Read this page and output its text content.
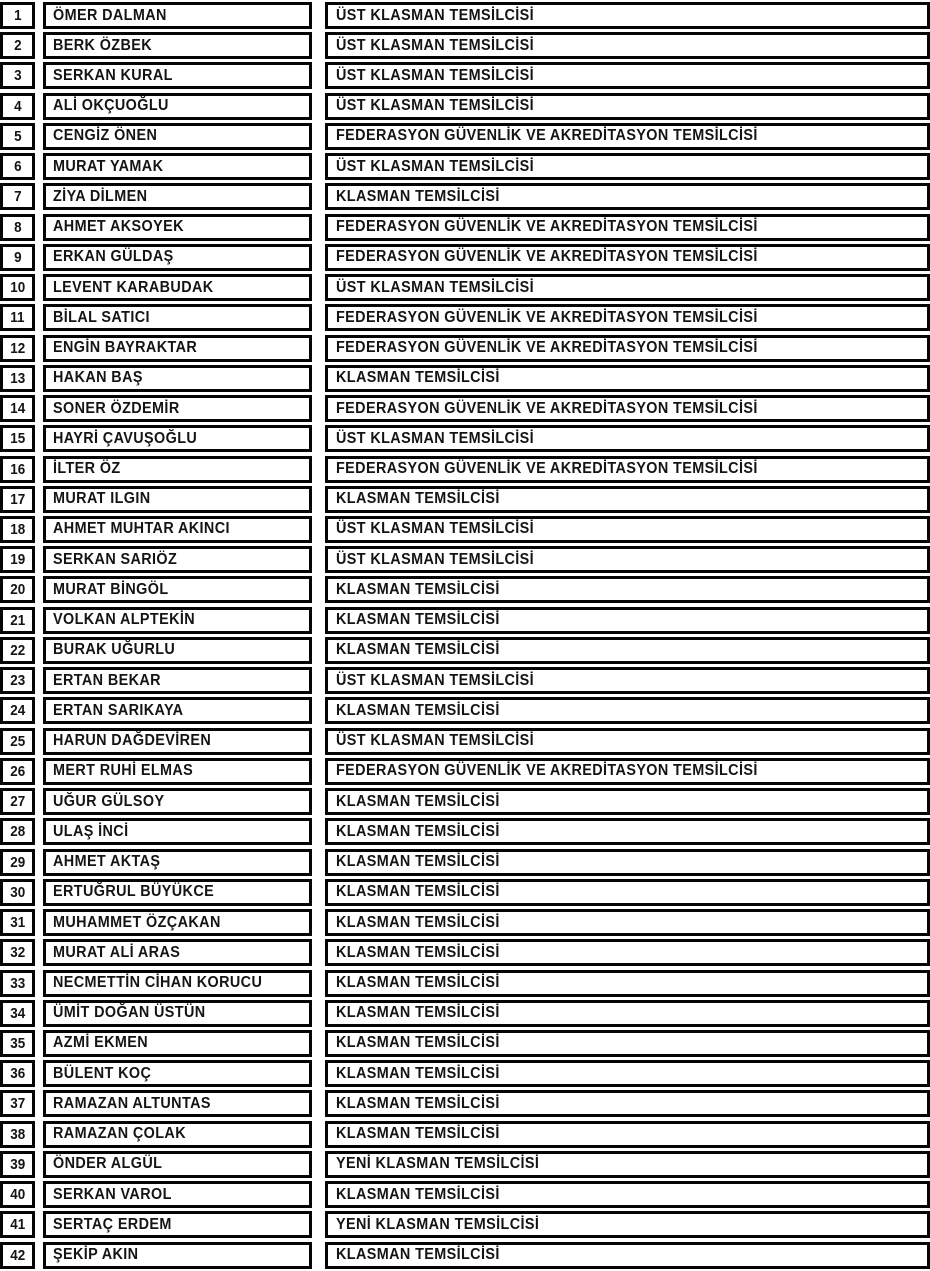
1 ÖMER DALMAN	ÜST KLASMAN TEMSİLCİSİ
2 BERK ÖZBEK	ÜST KLASMAN TEMSİLCİSİ
3 SERKAN KURAL	ÜST KLASMAN TEMSİLCİSİ
4 ALİ OKÇUOĞLU	ÜST KLASMAN TEMSİLCİSİ
5 CENGİZ ÖNEN	FEDERASYON GÜVENLİK VE AKREDİTASYON TEMSİLCİSİ
6 MURAT YAMAK	ÜST KLASMAN TEMSİLCİSİ
7 ZİYA DİLMEN	KLASMAN TEMSİLCİSİ
8 AHMET AKSOYEK	FEDERASYON GÜVENLİK VE AKREDİTASYON TEMSİLCİSİ
9 ERKAN GÜLDAŞ	FEDERASYON GÜVENLİK VE AKREDİTASYON TEMSİLCİSİ
10 LEVENT KARABUDAK	ÜST KLASMAN TEMSİLCİSİ
11 BİLAL SATICI	FEDERASYON GÜVENLİK VE AKREDİTASYON TEMSİLCİSİ
12 ENGİN BAYRAKTAR	FEDERASYON GÜVENLİK VE AKREDİTASYON TEMSİLCİSİ
13 HAKAN BAŞ	KLASMAN TEMSİLCİSİ
14 SONER ÖZDEMİR	FEDERASYON GÜVENLİK VE AKREDİTASYON TEMSİLCİSİ
15 HAYRİ ÇAVUŞOĞLU	ÜST KLASMAN TEMSİLCİSİ
16 İLTER ÖZ	FEDERASYON GÜVENLİK VE AKREDİTASYON TEMSİLCİSİ
17 MURAT ILGIN	KLASMAN TEMSİLCİSİ
18 AHMET MUHTAR AKINCI	ÜST KLASMAN TEMSİLCİSİ
19 SERKAN SARIÖZ	ÜST KLASMAN TEMSİLCİSİ
20 MURAT BİNGÖL	KLASMAN TEMSİLCİSİ
21 VOLKAN ALPTEKİN	KLASMAN TEMSİLCİSİ
22 BURAK UĞURLU	KLASMAN TEMSİLCİSİ
23 ERTAN BEKAR	ÜST KLASMAN TEMSİLCİSİ
24 ERTAN SARIKAYA	KLASMAN TEMSİLCİSİ
25 HARUN DAĞDEVİREN	ÜST KLASMAN TEMSİLCİSİ
26 MERT RUHİ ELMAS	FEDERASYON GÜVENLİK VE AKREDİTASYON TEMSİLCİSİ
27 UĞUR GÜLSOY	KLASMAN TEMSİLCİSİ
28 ULAŞ İNCİ	KLASMAN TEMSİLCİSİ
29 AHMET AKTAŞ	KLASMAN TEMSİLCİSİ
30 ERTUĞRUL BÜYÜKCE	KLASMAN TEMSİLCİSİ
31 MUHAMMET ÖZÇAKAN	KLASMAN TEMSİLCİSİ
32 MURAT ALİ ARAS	KLASMAN TEMSİLCİSİ
33 NECMETTİN CİHAN KORUCU	KLASMAN TEMSİLCİSİ
34 ÜMİT DOĞAN ÜSTÜN	KLASMAN TEMSİLCİSİ
35 AZMİ EKMEN	KLASMAN TEMSİLCİSİ
36 BÜLENT KOÇ	KLASMAN TEMSİLCİSİ
37 RAMAZAN ALTUNTAS	KLASMAN TEMSİLCİSİ
38 RAMAZAN ÇOLAK	KLASMAN TEMSİLCİSİ
39 ÖNDER ALGÜL	YENİ KLASMAN TEMSİLCİSİ
40 SERKAN VAROL	KLASMAN TEMSİLCİSİ
41 SERTAÇ ERDEM	YENİ KLASMAN TEMSİLCİSİ
42 ŞEKİP AKIN	KLASMAN TEMSİLCİSİ
